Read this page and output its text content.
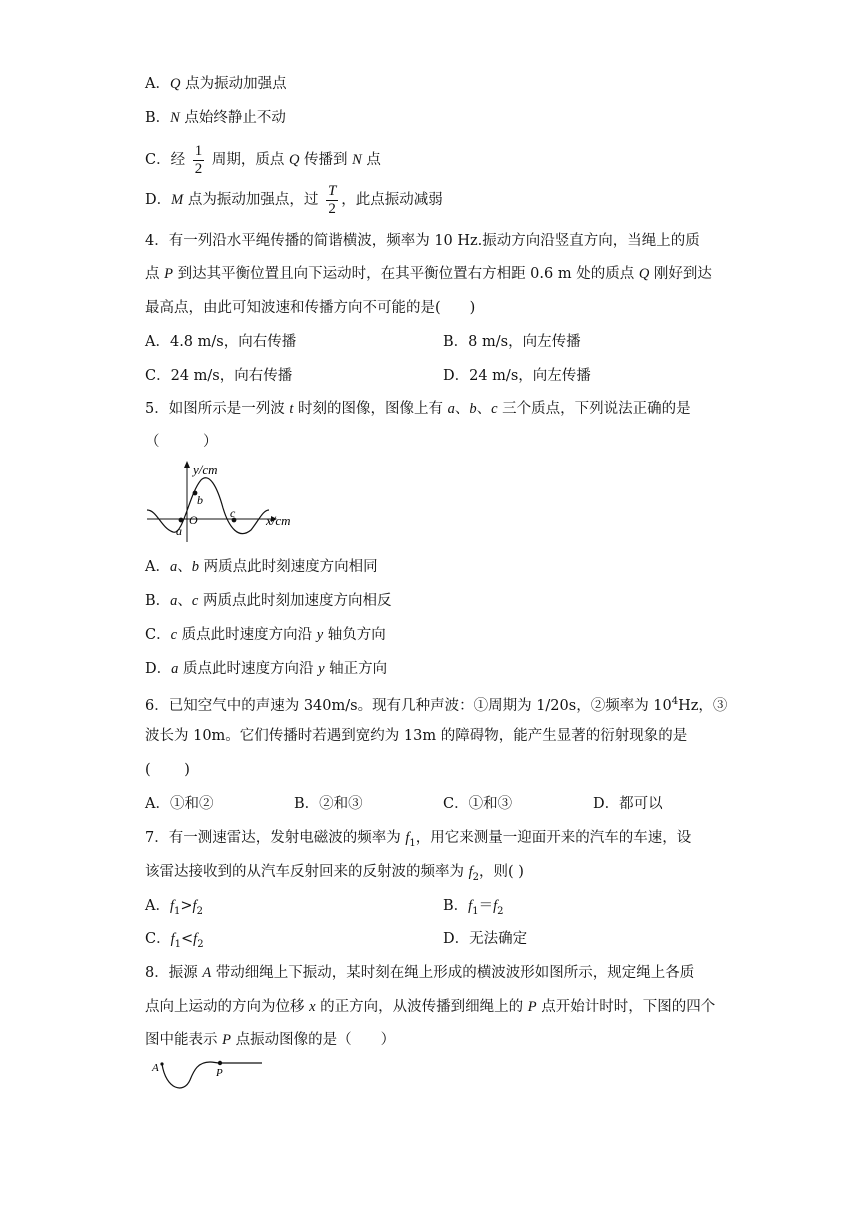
A．Q 点为振动加强点
B．N 点始终静止不动
C．经 $\frac{1}{2}$ 周期，质点 Q 传播到 N 点
D．M 点为振动加强点，过 $\frac{T}{2}$ ，此点振动减弱
4．有一列沿水平绳传播的简谐横波，频率为 10 Hz.振动方向沿竖直方向，当绳上的质
点 P 到达其平衡位置且向下运动时，在其平衡位置右方相距 0.6 m 处的质点 Q 刚好到达
最高点，由此可知波速和传播方向不可能的是(　　)
A．4.8 m/s，向右传播	B．8 m/s，向左传播
C．24 m/s，向右传播	D．24 m/s，向左传播
5．如图所示是一列波 t 时刻的图像，图像上有 a、b、c 三个质点，下列说法正确的是
（　　　）
y/cm
x/cm
O
a
b
c
A．a、b 两质点此时刻速度方向相同
B．a、c 两质点此时刻加速度方向相反
C．c 质点此时速度方向沿 y 轴负方向
D．a 质点此时速度方向沿 y 轴正方向
6．已知空气中的声速为 340m/s。现有几种声波：①周期为 1/20s，②频率为 $10^4Hz$，③
波长为 10m。它们传播时若遇到宽约为 13m 的障碍物，能产生显著的衍射现象的是
(　　 )
A．①和②	B．②和③	C．①和③	D．都可以
7．有一测速雷达，发射电磁波的频率为 $f_1$，用它来测量一迎面开来的汽车的车速，设
该雷达接收到的从汽车反射回来的反射波的频率为 $f_2$，则( )
A．$f_1>f_2$	B．$f_1=f_2$
C．$f_1<f_2$	D．无法确定
8．振源 A 带动细绳上下振动，某时刻在绳上形成的横波波形如图所示，规定绳上各质
点向上运动的方向为位移 x 的正方向，从波传播到细绳上的 P 点开始计时时，下图的四个
图中能表示 P 点振动图像的是（　　）
A	P
